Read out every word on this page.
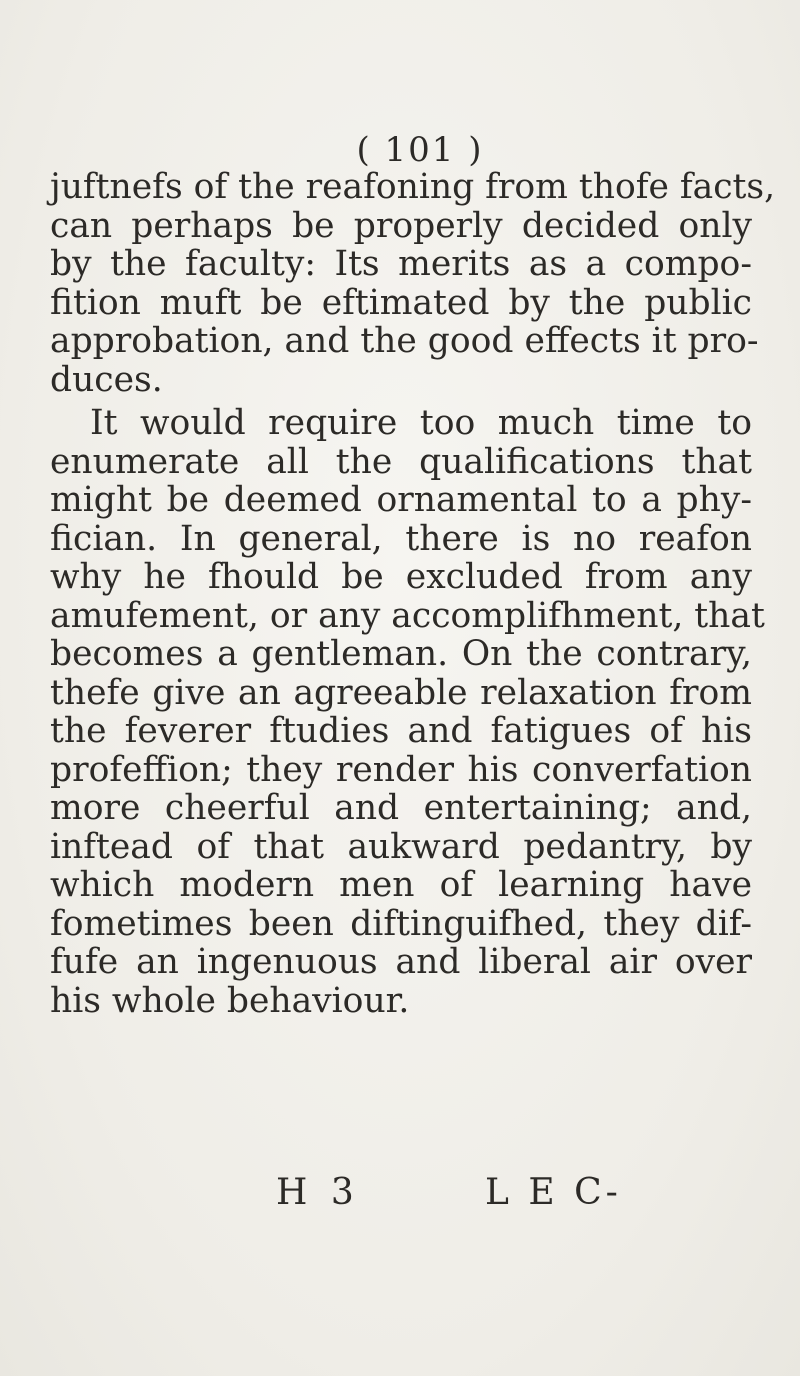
( 101 )
juftnefs of the reafoning from thofe facts,
can perhaps be properly decided only
by the faculty: Its merits as a compo-
fition muft be eftimated by the public
approbation, and the good effects it pro-
duces.
It would require too much time to
enumerate all the qualifications that
might be deemed ornamental to a phy-
fician. In general, there is no reafon
why he fhould be excluded from any
amufement, or any accomplifhment, that
becomes a gentleman. On the contrary,
thefe give an agreeable relaxation from
the feverer ftudies and fatigues of his
profeffion; they render his converfation
more cheerful and entertaining; and,
inftead of that aukward pedantry, by
which modern men of learning have
fometimes been diftinguifhed, they dif-
fufe an ingenuous and liberal air over
his whole behaviour.
H 3	L E C-
